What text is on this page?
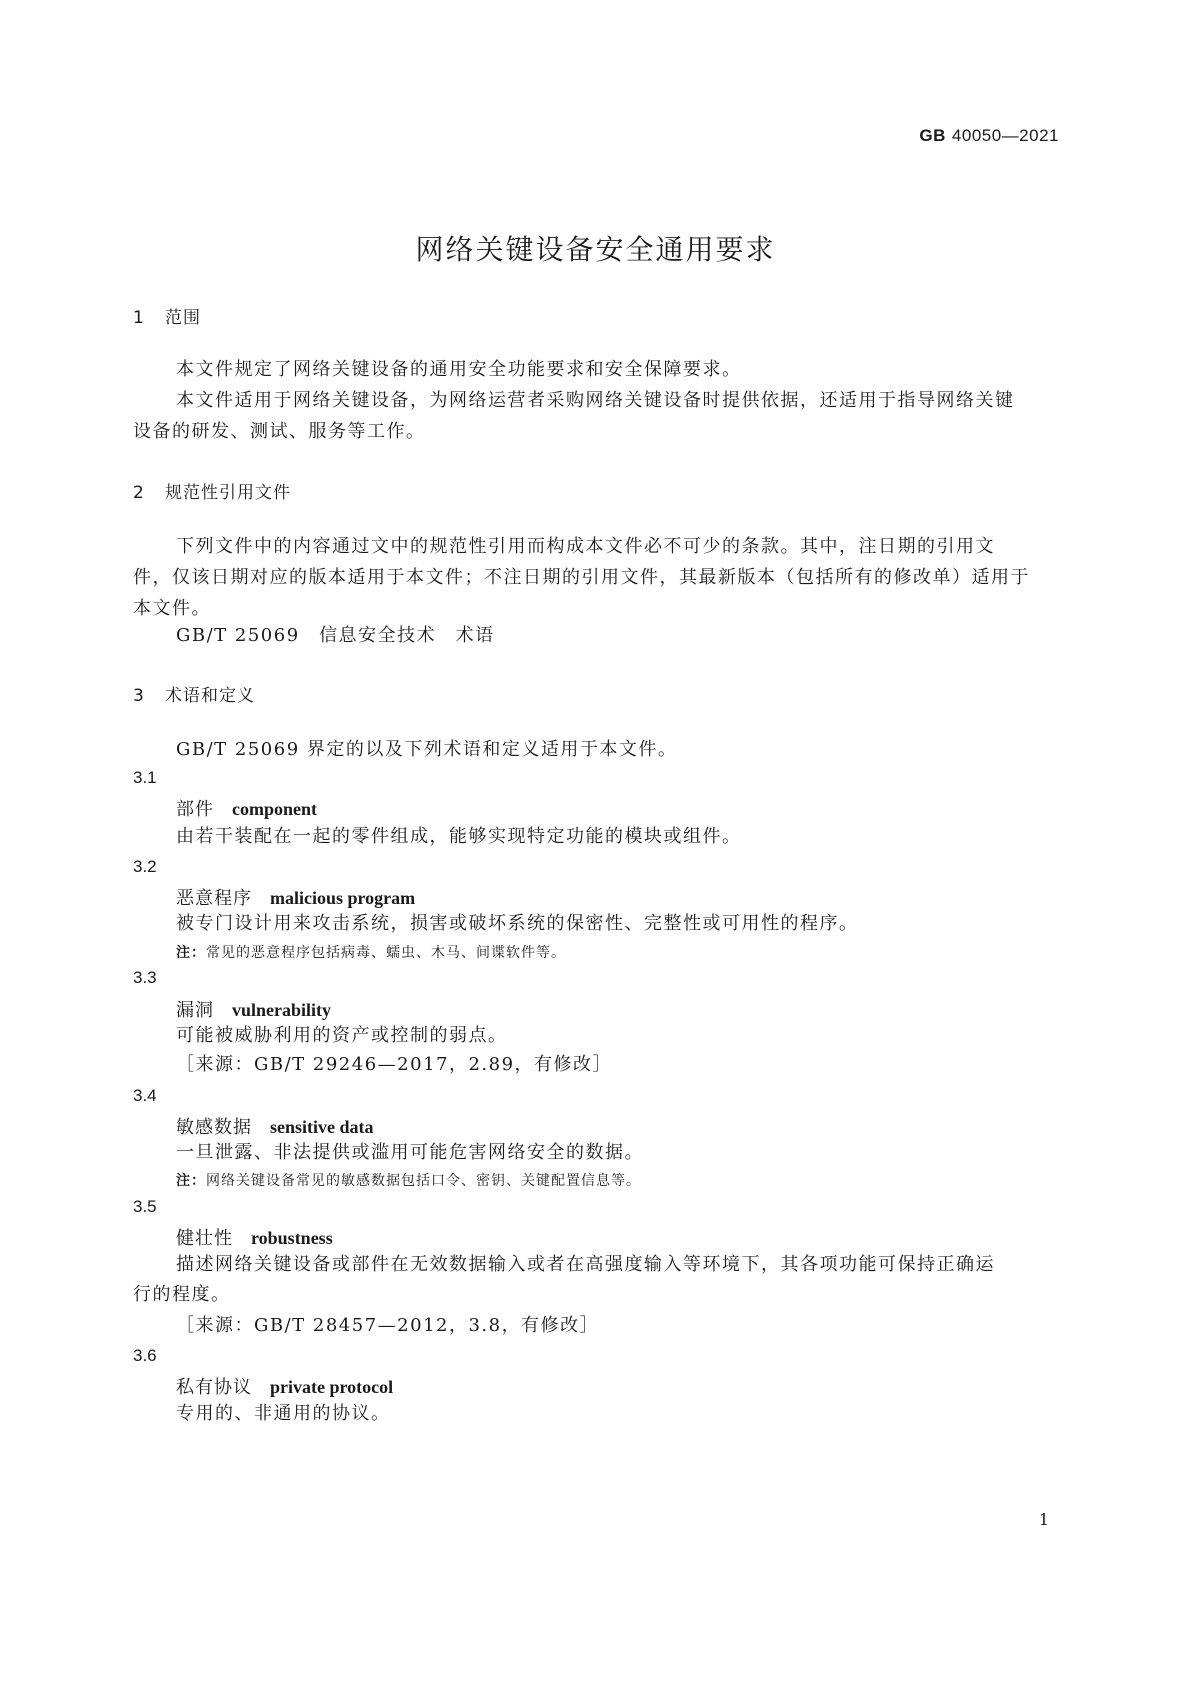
GB 40050—2021
网络关键设备安全通用要求
1 范围
本文件规定了网络关键设备的通用安全功能要求和安全保障要求。
本文件适用于网络关键设备，为网络运营者采购网络关键设备时提供依据，还适用于指导网络关键
设备的研发、测试、服务等工作。
2 规范性引用文件
下列文件中的内容通过文中的规范性引用而构成本文件必不可少的条款。其中，注日期的引用文
件，仅该日期对应的版本适用于本文件；不注日期的引用文件，其最新版本（包括所有的修改单）适用于
本文件。
GB/T 25069　信息安全技术　术语
3 术语和定义
GB/T 25069 界定的以及下列术语和定义适用于本文件。
3.1
部件 component
由若干装配在一起的零件组成，能够实现特定功能的模块或组件。
3.2
恶意程序 malicious program
被专门设计用来攻击系统，损害或破坏系统的保密性、完整性或可用性的程序。
注：常见的恶意程序包括病毒、蠕虫、木马、间谍软件等。
3.3
漏洞 vulnerability
可能被威胁利用的资产或控制的弱点。
［来源：GB/T 29246—2017，2.89，有修改］
3.4
敏感数据 sensitive data
一旦泄露、非法提供或滥用可能危害网络安全的数据。
注：网络关键设备常见的敏感数据包括口令、密钥、关键配置信息等。
3.5
健壮性 robustness
描述网络关键设备或部件在无效数据输入或者在高强度输入等环境下，其各项功能可保持正确运
行的程度。
［来源：GB/T 28457—2012，3.8，有修改］
3.6
私有协议 private protocol
专用的、非通用的协议。
1
